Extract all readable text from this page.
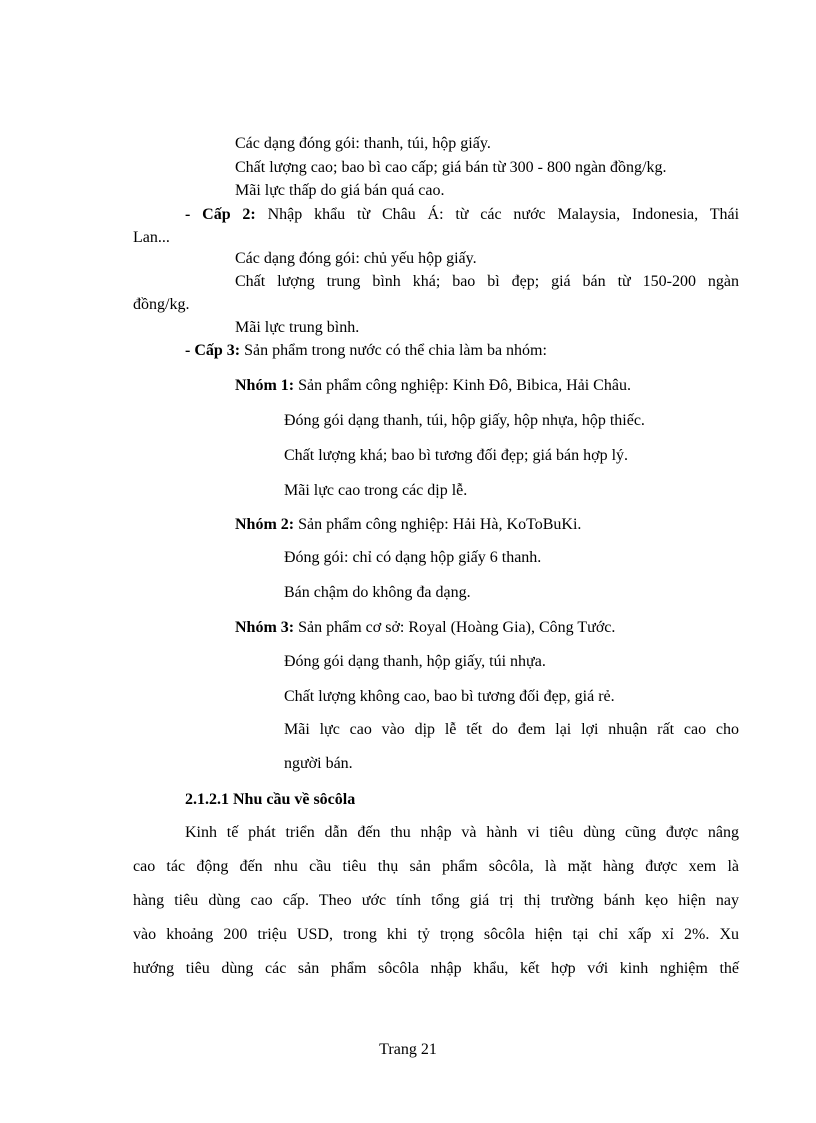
Các dạng đóng gói: thanh, túi, hộp giấy.
Chất lượng cao; bao bì cao cấp; giá bán từ 300 - 800 ngàn đồng/kg.
Mãi lực thấp do giá bán quá cao.
- Cấp 2: Nhập khẩu từ Châu Á: từ các nước Malaysia, Indonesia, Thái
Lan...
Các dạng đóng gói: chủ yếu hộp giấy.
Chất lượng trung bình khá; bao bì đẹp; giá bán từ 150-200 ngàn
đồng/kg.
Mãi lực trung bình.
- Cấp 3: Sản phẩm trong nước có thể chia làm ba nhóm:
Nhóm 1: Sản phẩm công nghiệp: Kinh Đô, Bibica, Hải Châu.
Đóng gói dạng thanh, túi, hộp giấy, hộp nhựa, hộp thiếc.
Chất lượng khá; bao bì tương đối đẹp; giá bán hợp lý.
Mãi lực cao trong các dịp lễ.
Nhóm 2: Sản phẩm công nghiệp: Hải Hà, KoToBuKi.
Đóng gói: chỉ có dạng hộp giấy 6 thanh.
Bán chậm do không đa dạng.
Nhóm 3: Sản phẩm cơ sở: Royal (Hoàng Gia), Công Tước.
Đóng gói dạng thanh, hộp giấy, túi nhựa.
Chất lượng không cao, bao bì tương đối đẹp, giá rẻ.
Mãi lực cao vào dịp lễ tết do đem lại lợi nhuận rất cao cho
người bán.
2.1.2.1 Nhu cầu về sôcôla
Kinh tế phát triển dẫn đến thu nhập và hành vi tiêu dùng cũng được nâng
cao tác động đến nhu cầu tiêu thụ sản phẩm sôcôla, là mặt hàng được xem là
hàng tiêu dùng cao cấp. Theo ước tính tổng giá trị thị trường bánh kẹo hiện nay
vào khoảng 200 triệu USD, trong khi tỷ trọng sôcôla hiện tại chỉ xấp xỉ 2%. Xu
hướng tiêu dùng các sản phẩm sôcôla nhập khẩu, kết hợp với kinh nghiệm thế
Trang 21
